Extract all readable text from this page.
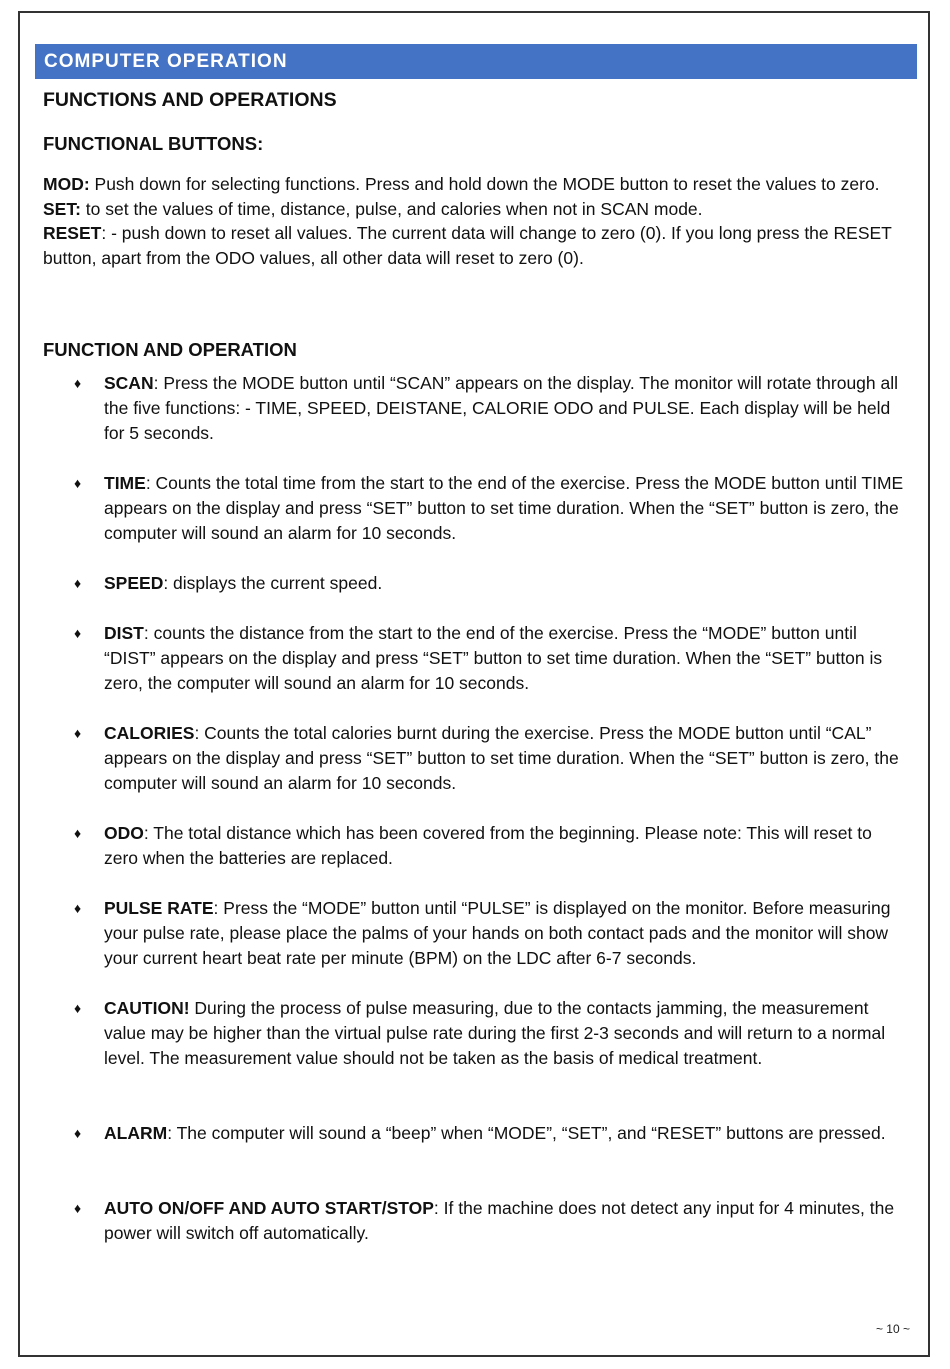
COMPUTER OPERATION
FUNCTIONS AND OPERATIONS
FUNCTIONAL BUTTONS:

MOD: Push down for selecting functions. Press and hold down the MODE button to reset the values to zero.

SET: to set the values of time, distance, pulse, and calories when not in SCAN mode.

RESET: - push down to reset all values. The current data will change to zero (0). If you long press the RESET button, apart from the ODO values, all other data will reset to zero (0).

FUNCTION AND OPERATION
♦ SCAN: Press the MODE button until “SCAN” appears on the display. The monitor will rotate through all the five functions: - TIME, SPEED, DEISTANE, CALORIE ODO and PULSE. Each display will be held for 5 seconds.
♦ TIME: Counts the total time from the start to the end of the exercise. Press the MODE button until TIME appears on the display and press “SET” button to set time duration. When the “SET” button is zero, the computer will sound an alarm for 10 seconds.
♦ SPEED: displays the current speed.
♦ DIST: counts the distance from the start to the end of the exercise. Press the “MODE” button until “DIST” appears on the display and press “SET” button to set time duration. When the “SET” button is zero, the computer will sound an alarm for 10 seconds.
♦ CALORIES: Counts the total calories burnt during the exercise. Press the MODE button until “CAL” appears on the display and press “SET” button to set time duration. When the “SET” button is zero, the computer will sound an alarm for 10 seconds.
♦ ODO: The total distance which has been covered from the beginning. Please note: This will reset to zero when the batteries are replaced.
♦ PULSE RATE: Press the “MODE” button until “PULSE” is displayed on the monitor. Before measuring your pulse rate, please place the palms of your hands on both contact pads and the monitor will show your current heart beat rate per minute (BPM) on the LDC after 6-7 seconds.
♦ CAUTION! During the process of pulse measuring, due to the contacts jamming, the measurement value may be higher than the virtual pulse rate during the first 2-3 seconds and will return to a normal level. The measurement value should not be taken as the basis of medical treatment.
♦ ALARM: The computer will sound a “beep” when “MODE”, “SET”, and “RESET” buttons are pressed.
♦ AUTO ON/OFF AND AUTO START/STOP: If the machine does not detect any input for 4 minutes, the power will switch off automatically.
~ 10 ~
